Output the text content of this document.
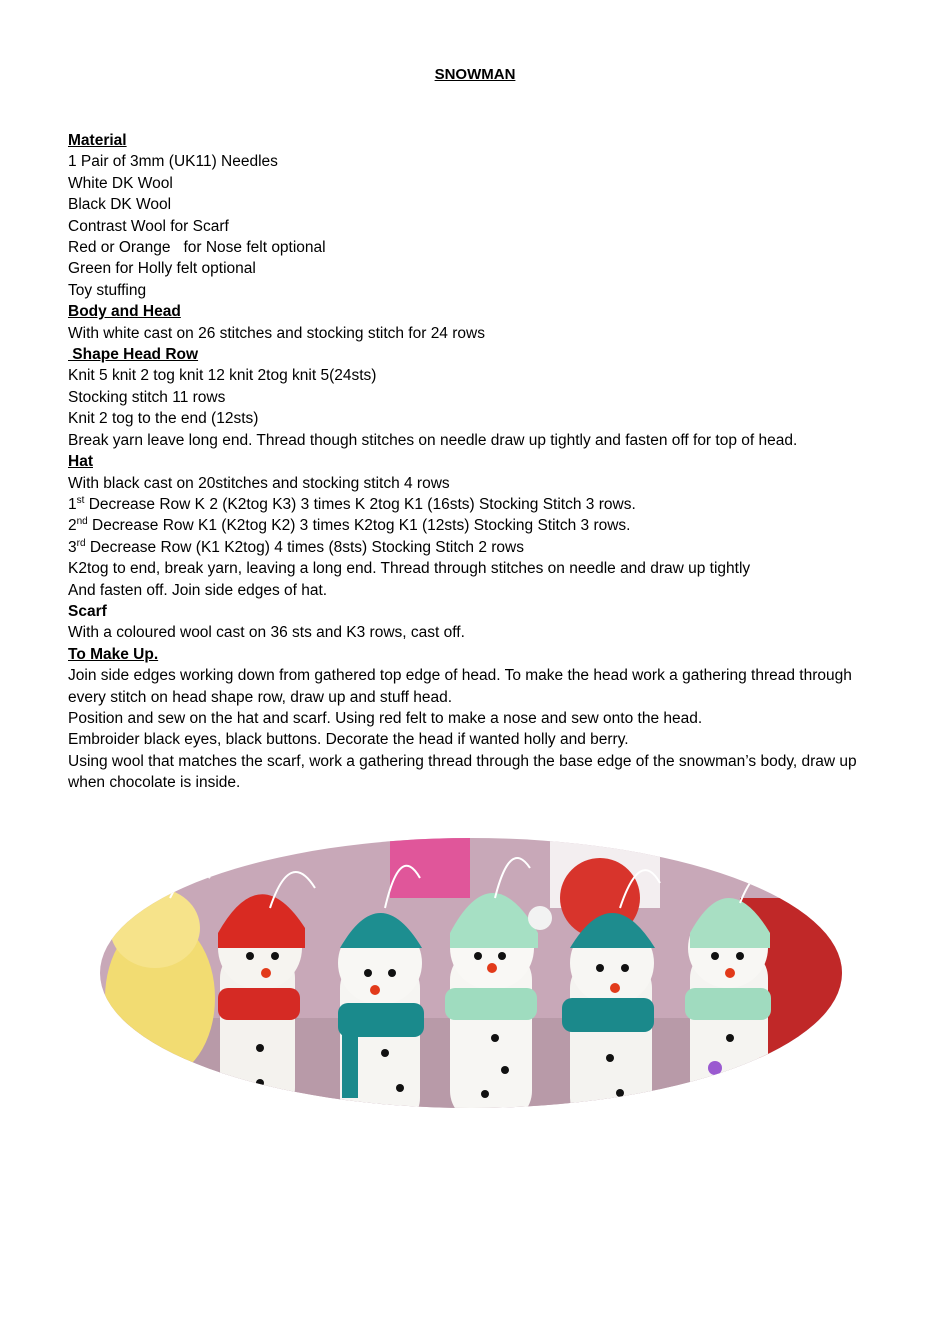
SNOWMAN

Material

1 Pair of 3mm (UK11) Needles

White DK Wool

Black DK Wool

Contrast Wool for Scarf

Red or Orange   for Nose felt optional

Green for Holly felt optional

Toy stuffing

Body and Head

With white cast on 26 stitches and stocking stitch for 24 rows

Shape Head Row

Knit 5 knit 2 tog knit 12 knit 2tog knit 5(24sts)

Stocking stitch 11 rows

Knit 2 tog to the end (12sts)

Break yarn leave long end. Thread though stitches on needle draw up tightly and fasten off for top of head.

Hat

With black cast on 20stitches and stocking stitch 4 rows

1st Decrease Row K 2 (K2tog K3) 3 times K 2tog K1 (16sts) Stocking Stitch 3 rows.

2nd Decrease Row K1 (K2tog K2) 3 times K2tog K1 (12sts) Stocking Stitch 3 rows.

3rd Decrease Row (K1 K2tog) 4 times (8sts) Stocking Stitch 2 rows

K2tog to end, break yarn, leaving a long end. Thread through stitches on needle and draw up tightly

And fasten off. Join side edges of hat.

Scarf

With a coloured wool cast on 36 sts and K3 rows, cast off.

To Make Up.

Join side edges working down from gathered top edge of head. To make the head work a gathering thread through every stitch on head shape row, draw up and stuff head.

Position and sew on the hat and scarf. Using red felt to make a nose and sew onto the head.

Embroider black eyes, black buttons. Decorate the head if wanted holly and berry.

Using wool that matches the scarf, work a gathering thread through the base edge of the snowman’s body, draw up when chocolate is inside.
